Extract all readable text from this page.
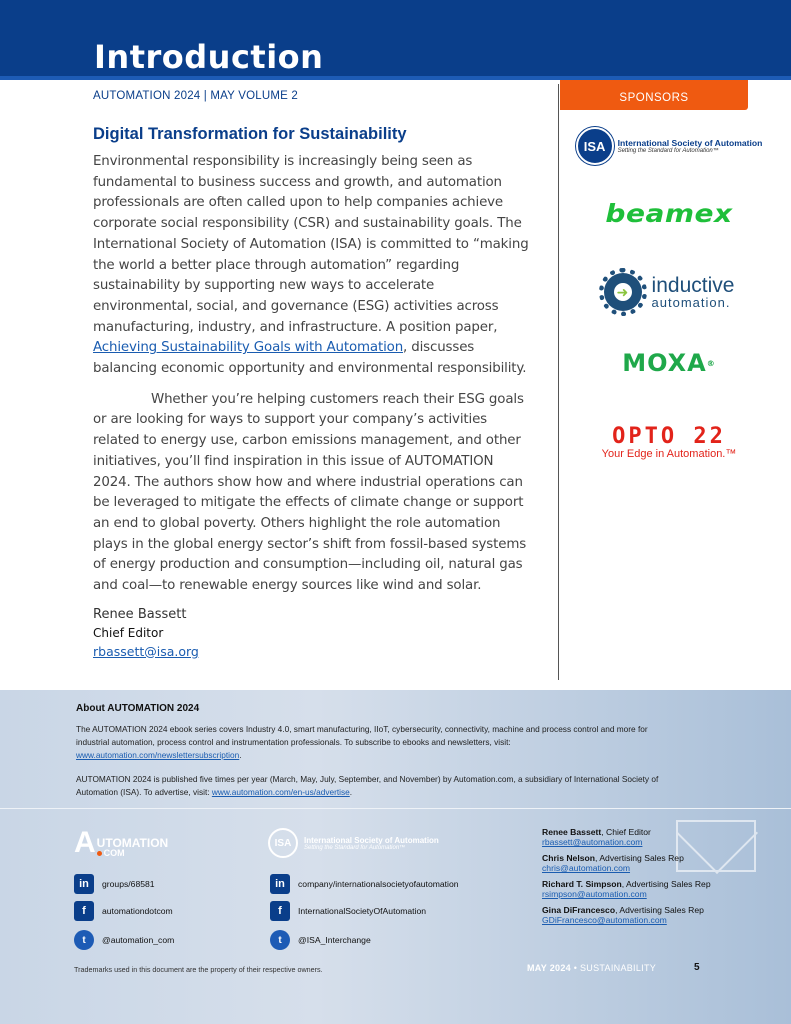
Introduction
AUTOMATION 2024 | MAY VOLUME 2	SPONSORS
Digital Transformation for Sustainability

Environmental responsibility is increasingly being seen as fundamental to business success and growth, and automation professionals are often called upon to help companies achieve corporate social responsibility (CSR) and sustainability goals. The International Society of Automation (ISA) is committed to “making the world a better place through automation” regarding sustainability by supporting new ways to accelerate environmental, social, and governance (ESG) activities across manufacturing, industry, and infrastructure. A position paper, Achieving Sustainability Goals with Automation, discusses balancing economic opportunity and environmental responsibility.

Whether you’re helping customers reach their ESG goals or are looking for ways to support your company’s activities related to energy use, carbon emissions management, and other initiatives, you’ll find inspiration in this issue of AUTOMATION 2024. The authors show how and where industrial operations can be leveraged to mitigate the effects of climate change or support an end to global poverty. Others highlight the role automation plays in the global energy sector’s shift from fossil-based systems of energy production and consumption—including oil, natural gas and coal—to renewable energy sources like wind and solar.

Renee Bassett
Chief Editor
rbassett@isa.org
ISA	International Society of Automation
Setting the Standard for Automation™
beamex
➜ inductive
automation.
MOXA ®
OPTO 22
Your Edge in Automation.™
About AUTOMATION 2024

The AUTOMATION 2024 ebook series covers Industry 4.0, smart manufacturing, IIoT, cybersecurity, connectivity, machine and process control and more for industrial automation, process control and instrumentation professionals. To subscribe to ebooks and newsletters, visit: www.automation.com/newslettersubscription.

AUTOMATION 2024 is published five times per year (March, May, July, September, and November) by Automation.com, a subsidiary of International Society of Automation (ISA). To advertise, visit: www.automation.com/en-us/advertise.

A UTOMATION
COM
ISA	International Society of Automation
Setting the Standard for Automation™
in	groups/68581
f	automationdotcom
t	@automation_com
in	company/internationalsocietyofautomation
f	InternationalSocietyOfAutomation
t	@ISA_Interchange
Renee Bassett, Chief Editor
rbassett@automation.com
Chris Nelson, Advertising Sales Rep
chris@automation.com
Richard T. Simpson, Advertising Sales Rep
rsimpson@automation.com
Gina DiFrancesco, Advertising Sales Rep
GDiFrancesco@automation.com
Trademarks used in this document are the property of their respective owners.	MAY 2024 • SUSTAINABILITY	5
